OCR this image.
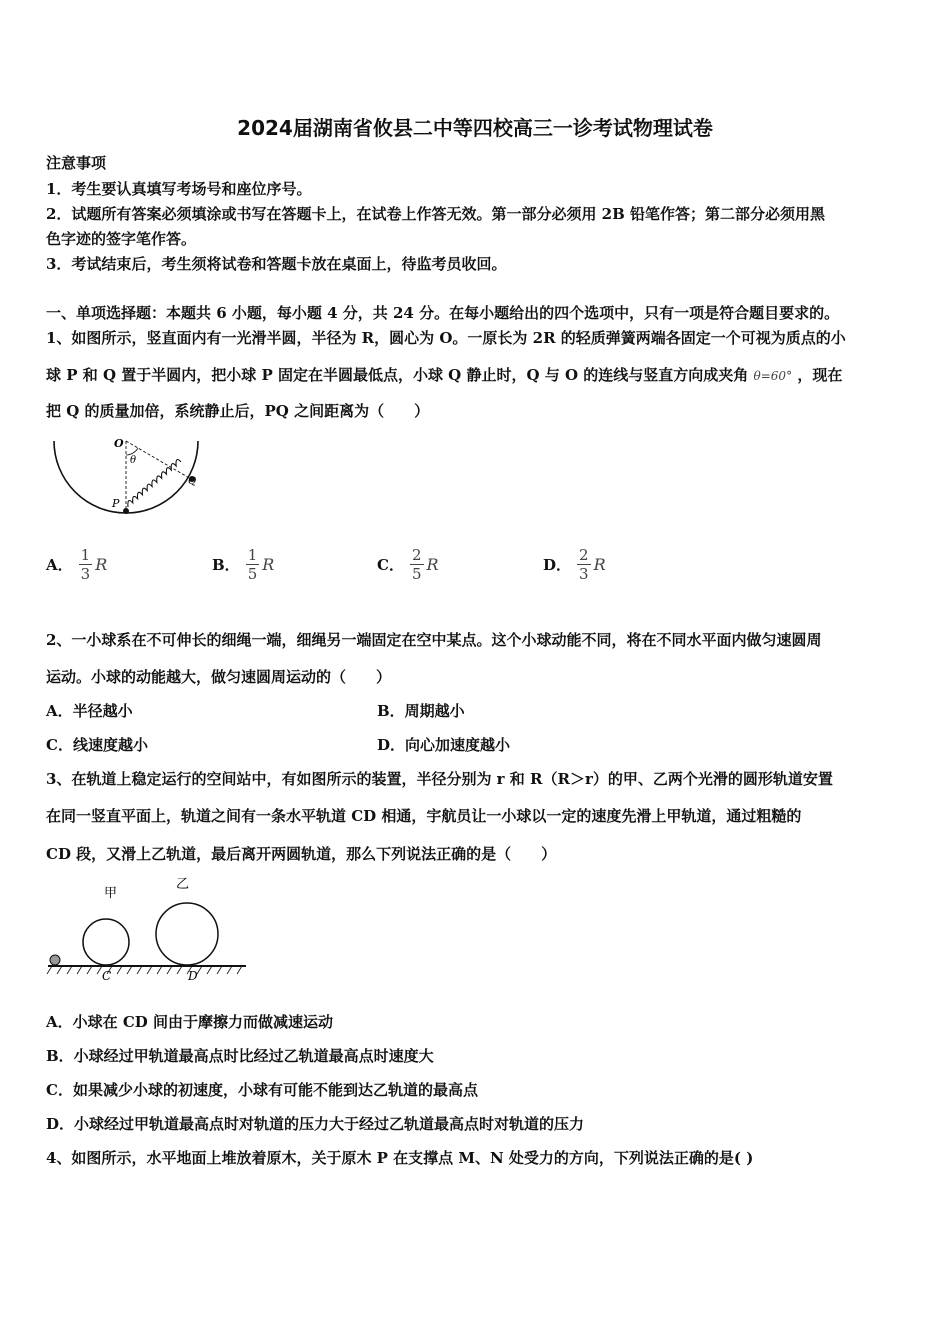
2024届湖南省攸县二中等四校高三一诊考试物理试卷
注意事项
1．考生要认真填写考场号和座位序号。
2．试题所有答案必须填涂或书写在答题卡上，在试卷上作答无效。第一部分必须用 2B 铅笔作答；第二部分必须用黑
色字迹的签字笔作答。
3．考试结束后，考生须将试卷和答题卡放在桌面上，待监考员收回。
一、单项选择题：本题共 6 小题，每小题 4 分，共 24 分。在每小题给出的四个选项中，只有一项是符合题目要求的。
1、如图所示，竖直面内有一光滑半圆，半径为 R，圆心为 O。一原长为 2R 的轻质弹簧两端各固定一个可视为质点的小
球 P 和 Q 置于半圆内，把小球 P 固定在半圆最低点，小球 Q 静止时，Q 与 O 的连线与竖直方向成夹角 θ=60° ，现在
把 Q 的质量加倍，系统静止后，PQ 之间距离为（　　）
O
θ
P
Q
A． $\frac{1}{3}$ R	B． $\frac{1}{5}$ R	C． $\frac{2}{5}$ R	D． $\frac{2}{3}$ R
2、一小球系在不可伸长的细绳一端，细绳另一端固定在空中某点。这个小球动能不同，将在不同水平面内做匀速圆周
运动。小球的动能越大，做匀速圆周运动的（　　）
A．半径越小	B．周期越小
C．线速度越小	D．向心加速度越小
3、在轨道上稳定运行的空间站中，有如图所示的装置，半径分别为 r 和 R（R＞r）的甲、乙两个光滑的圆形轨道安置
在同一竖直平面上，轨道之间有一条水平轨道 CD 相通，宇航员让一小球以一定的速度先滑上甲轨道，通过粗糙的
CD 段，又滑上乙轨道，最后离开两圆轨道，那么下列说法正确的是（　　）
甲
乙
C	D
A．小球在 CD 间由于摩擦力而做减速运动
B．小球经过甲轨道最高点时比经过乙轨道最高点时速度大
C．如果减少小球的初速度，小球有可能不能到达乙轨道的最高点
D．小球经过甲轨道最高点时对轨道的压力大于经过乙轨道最高点时对轨道的压力
4、如图所示，水平地面上堆放着原木，关于原木 P 在支撑点 M、N 处受力的方向，下列说法正确的是( )
